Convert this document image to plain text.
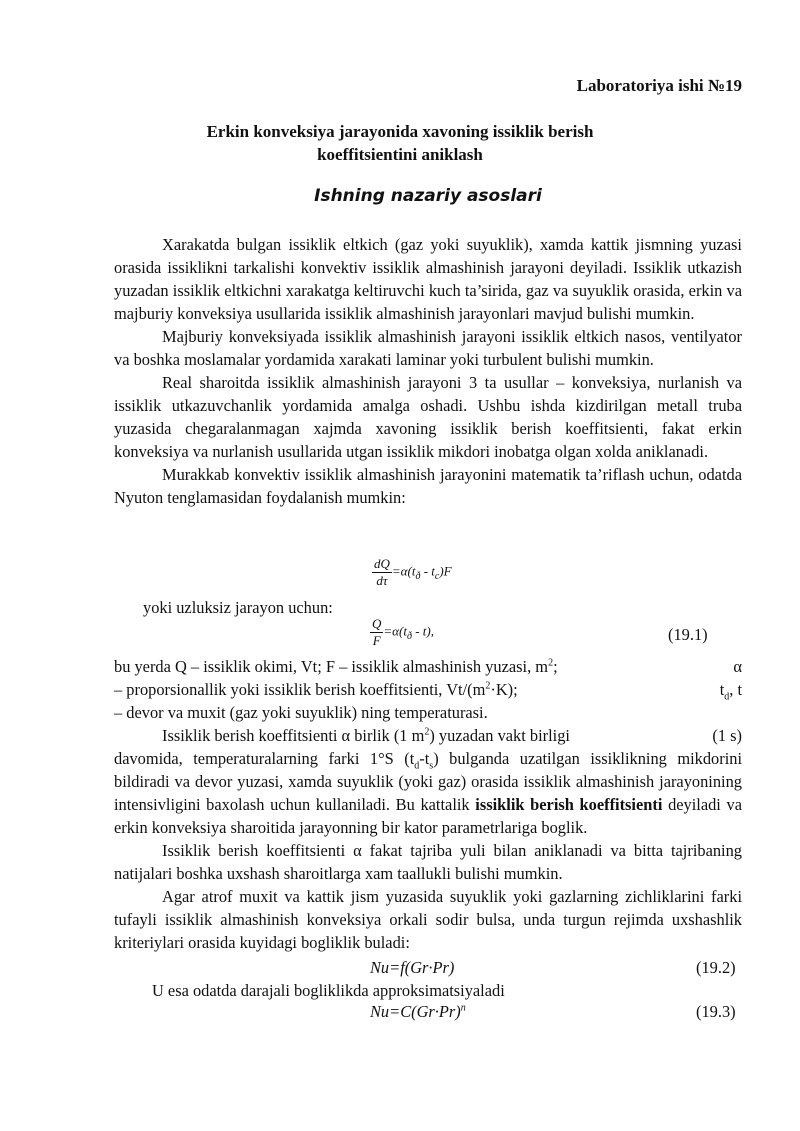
Laboratoriya ishi №19
Erkin konveksiya jarayonida xavoning issiklik berish
koeffitsientini aniklash
Ishning nazariy asoslari

Xarakatda bulgan issiklik eltkich (gaz yoki suyuklik), xamda kattik jismning yuzasi orasida issiklikni tarkalishi konvektiv issiklik almashinish jarayoni deyiladi. Issiklik utkazish yuzadan issiklik eltkichni xarakatga keltiruvchi kuch ta’sirida, gaz va suyuklik orasida, erkin va majburiy konveksiya usullarida issiklik almashinish jarayonlari mavjud bulishi mumkin.

Majburiy konveksiyada issiklik almashinish jarayoni issiklik eltkich nasos, ventilyator va boshka moslamalar yordamida xarakati laminar yoki turbulent bulishi mumkin.

Real sharoitda issiklik almashinish jarayoni 3 ta usullar – konveksiya, nurlanish va issiklik utkazuvchanlik yordamida amalga oshadi. Ushbu ishda kizdirilgan metall truba yuzasida chegaralanmagan xajmda xavoning issiklik berish koeffitsienti, fakat erkin konveksiya va nurlanish usullarida utgan issiklik mikdori inobatga olgan xolda aniklanadi.

Murakkab konvektiv issiklik almashinish jarayonini matematik ta’riflash uchun, odatda Nyuton tenglamasidan foydalanish mumkin:

$\frac{dQ}{d\tau} =\alpha(t_ð - t_c)F$
yoki uzluksiz jarayon uchun:
$\frac{Q}{F} =\alpha(t_ð - t)$,	(19.1)
bu yerda Q – issiklik okimi, Vt; F – issiklik almashinish yuzasi, $m^2$;	α
– proporsionallik yoki issiklik berish koeffitsienti, $Vt/(m^2\cdot K)$;	$t_d$, t
– devor va muxit (gaz yoki suyuklik) ning temperaturasi.
Issiklik berish koeffitsienti α birlik (1 $m^2$) yuzadan vakt birligi	(1 s)

davomida, temperaturalarning farki 1°S $(t_d-t_s)$ bulganda uzatilgan issiklikning mikdorini bildiradi va devor yuzasi, xamda suyuklik (yoki gaz) orasida issiklik almashinish jarayonining intensivligini baxolash uchun kullaniladi. Bu kattalik issiklik berish koeffitsienti deyiladi va erkin konveksiya sharoitida jarayonning bir kator parametrlariga boglik.

Issiklik berish koeffitsienti α fakat tajriba yuli bilan aniklanadi va bitta tajribaning natijalari boshka uxshash sharoitlarga xam taallukli bulishi mumkin.

Agar atrof muxit va kattik jism yuzasida suyuklik yoki gazlarning zichliklarini farki tufayli issiklik almashinish konveksiya orkali sodir bulsa, unda turgun rejimda uxshashlik kriteriylari orasida kuyidagi bogliklik buladi:

Nu=f(Gr·Pr)	(19.2)
U esa odatda darajali bogliklikda approksimatsiyaladi
$Nu=C(Gr\cdot Pr)^n$	(19.3)
